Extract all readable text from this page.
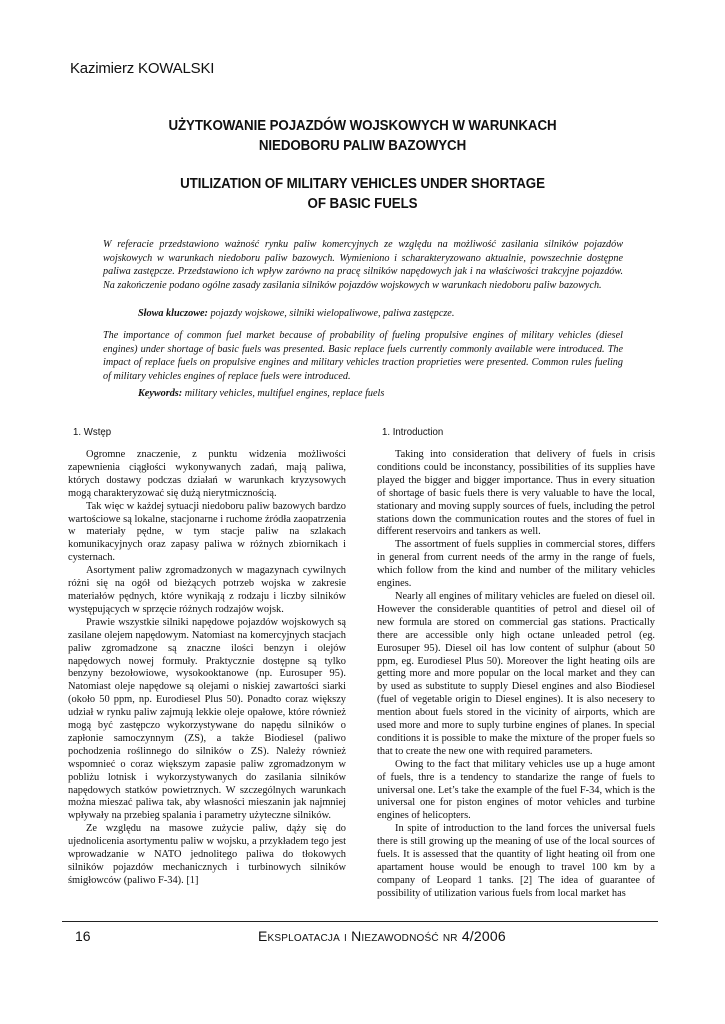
Kazimierz KOWALSKI
UŻYTKOWANIE POJAZDÓW WOJSKOWYCH W WARUNKACH
NIEDOBORU PALIW BAZOWYCH
UTILIZATION OF MILITARY VEHICLES UNDER SHORTAGE
OF BASIC FUELS
W referacie przedstawiono ważność rynku paliw komercyjnych ze względu na możliwość zasilania silników pojazdów wojskowych w warunkach niedoboru paliw bazowych. Wymieniono i scharakteryzowano aktualnie, powszechnie dostępne paliwa zastępcze. Przedstawiono ich wpływ zarówno na pracę silników napędowych jak i na właściwości trakcyjne pojazdów. Na zakończenie podano ogólne zasady zasilania silników pojazdów wojskowych w warunkach niedoboru paliw bazowych.
Słowa kluczowe: pojazdy wojskowe, silniki wielopaliwowe, paliwa zastępcze.
The importance of common fuel market because of probability of fueling propulsive engines of military vehicles (diesel engines) under shortage of basic fuels was presented. Basic replace fuels currently commonly available were introduced. The impact of replace fuels on propulsive engines and military vehicles traction proprieties were presented. Common rules fueling of military vehicles engines of replace fuels were introduced.
Keywords: military vehicles, multifuel engines, replace fuels
1. Wstęp

Ogromne znaczenie, z punktu widzenia możliwości zapewnienia ciągłości wykonywanych zadań, mają paliwa, których dostawy podczas działań w warunkach kryzysowych mogą charakteryzować się dużą nierytmicznością.

Tak więc w każdej sytuacji niedoboru paliw bazowych bardzo wartościowe są lokalne, stacjonarne i ruchome źródła zaopatrzenia w materiały pędne, w tym stacje paliw na szlakach komunikacyjnych oraz zapasy paliwa w różnych zbiornikach i cysternach.

Asortyment paliw zgromadzonych w magazynach cywilnych różni się na ogół od bieżących potrzeb wojska w zakresie materiałów pędnych, które wynikają z rodzaju i liczby silników występujących w sprzęcie różnych rodzajów wojsk.

Prawie wszystkie silniki napędowe pojazdów wojskowych są zasilane olejem napędowym. Natomiast na komercyjnych stacjach paliw zgromadzone są znaczne ilości benzyn i olejów napędowych nowej formuły. Praktycznie dostępne są tylko benzyny bezołowiowe, wysokooktanowe (np. Eurosuper 95). Natomiast oleje napędowe są olejami o niskiej zawartości siarki (około 50 ppm, np. Eurodiesel Plus 50). Ponadto coraz większy udział w rynku paliw zajmują lekkie oleje opałowe, które również mogą być zastępczo wykorzystywane do napędu silników o zapłonie samoczynnym (ZS), a także Biodiesel (paliwo pochodzenia roślinnego do silników o ZS). Należy również wspomnieć o coraz większym zapasie paliw zgromadzonym w pobliżu lotnisk i wykorzystywanych do zasilania silników napędowych statków powietrznych. W szczególnych warunkach można mieszać paliwa tak, aby własności mieszanin jak najmniej wpływały na przebieg spalania i parametry użyteczne silników.

Ze względu na masowe zużycie paliw, dąży się do ujednolicenia asortymentu paliw w wojsku, a przykładem tego jest wprowadzanie w NATO jednolitego paliwa do tłokowych silników pojazdów mechanicznych i turbinowych silników śmigłowców (paliwo F-34). [1]

1. Introduction

Taking into consideration that delivery of fuels in crisis conditions could be inconstancy, possibilities of its supplies have played the bigger and bigger importance. Thus in every situation of shortage of basic fuels there is very valuable to have the local, stationary and moving supply sources of fuels, including the petrol stations down the communication routes and the stores of fuel in different reservoirs and tankers as well.

The assortment of fuels supplies in commercial stores, differs in general from current needs of the army in the range of fuels, which follow from the kind and number of the military vehicles engines.

Nearly all engines of military vehicles are fueled on diesel oil. However the considerable quantities of petrol and diesel oil of new formula are stored on commercial gas stations. Practically there are accessible only high octane unleaded petrol (eg. Eurosuper 95). Diesel oil has low content of sulphur (about 50 ppm, eg. Eurodiesel Plus 50). Moreover the light heating oils are getting more and more popular on the local market and they can by used as substitute to supply Diesel engines and also Biodiesel (fuel of vegetable origin to Diesel engines). It is also necesery to mention about fuels stored in the vicinity of airports, which are used more and more to suply turbine engines of planes. In special conditions it is possible to make the mixture of the proper fuels so that to create the new one with required parameters.

Owing to the fact that military vehicles use up a huge amont of fuels, thre is a tendency to standarize the range of fuels to universal one. Let’s take the example of the fuel F-34, which is the universal one for piston engines of motor vehicles and turbine engines of helicopters.

In spite of introduction to the land forces the universal fuels there is still growing up the meaning of use of the local sources of fuels. It is assessed that the quantity of light heating oil from one apartament house would be enough to travel 100 km by a company of Leopard 1 tanks. [2] The idea of guarantee of possibility of utilization various fuels from local market has

16	Eksploatacja i Niezawodność nr 4/2006
